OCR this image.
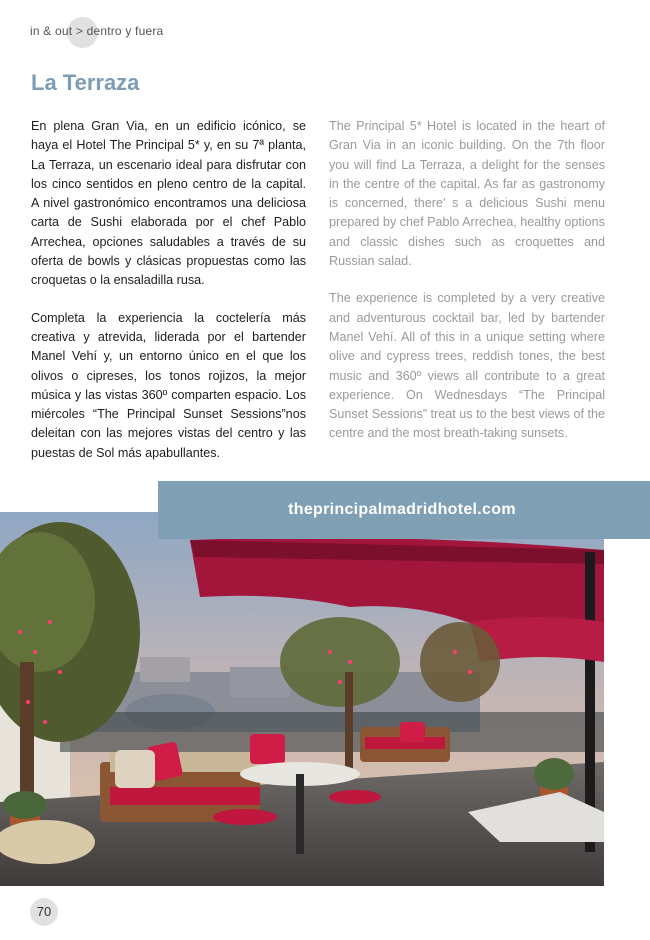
in & out > dentro y fuera
La Terraza

En plena Gran Via, en un edificio icónico, se haya el Hotel The Principal 5* y, en su 7ª planta, La Terraza, un escenario ideal para disfrutar con los cinco sentidos en pleno centro de la capital. A nivel gastronómico encontramos una deliciosa carta de Sushi elaborada por el chef Pablo Arrechea, opciones saludables a través de su oferta de bowls y clásicas propuestas como las croquetas o la ensaladilla rusa.

Completa la experiencia la coctelería más creativa y atrevida, liderada por el bartender Manel Vehí y, un entorno único en el que los olivos o cipreses, los tonos rojizos, la mejor música y las vistas 360º comparten espacio. Los miércoles “The Principal Sunset Sessions”nos deleitan con las mejores vistas del centro y las puestas de Sol más apabullantes.

The Principal 5* Hotel is located in the heart of Gran Via in an iconic building. On the 7th floor you will find La Terraza, a delight for the senses in the centre of the capital. As far as gastronomy is concerned, there’ s a delicious Sushi menu prepared by chef Pablo Arrechea, healthy options and classic dishes such as croquettes and Russian salad.

The experience is completed by a very creative and adventurous cocktail bar, led by bartender Manel Vehí. All of this in a unique setting where olive and cypress trees, reddish tones, the best music and 360º views all contribute to a great experience. On Wednesdays “The Principal Sunset Sessions” treat us to the best views of the centre and the most breath-taking sunsets.

theprincipalmadridhotel.com
70
